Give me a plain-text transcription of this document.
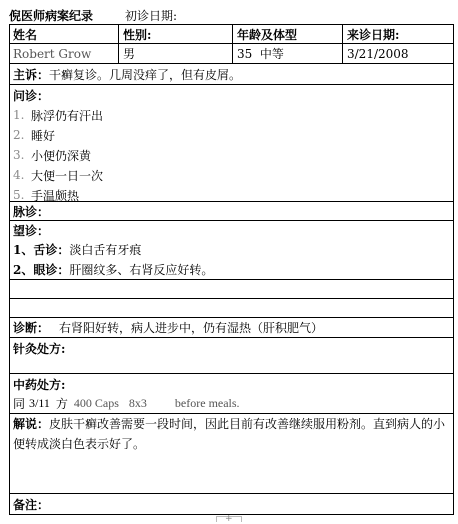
倪医师病案纪录	初诊日期:
姓名	性别:	年龄及体型	来诊日期:
Robert Grow	男	35  中等	3/21/2008
主诉： 干癣复诊。几周没痒了，但有皮屑。
问诊：
1. 脉浮仍有汗出
2. 睡好
3. 小便仍深黄
4. 大便一日一次
5. 手温颇热
脉诊：
望诊：
1、舌诊： 淡白舌有牙痕
2、眼诊： 肝圈纹多、右肾反应好转。
诊断： 右肾阳好转，病人进步中，仍有湿热（肝积肥气）
针灸处方:
中药处方:
同 3/11 方 400 Caps 8x3 before meals.
解说：皮肤干癣改善需要一段时间，因此目前有改善继续服用粉剂。直到病人的小便转成淡白色表示好了。
备注：
+
